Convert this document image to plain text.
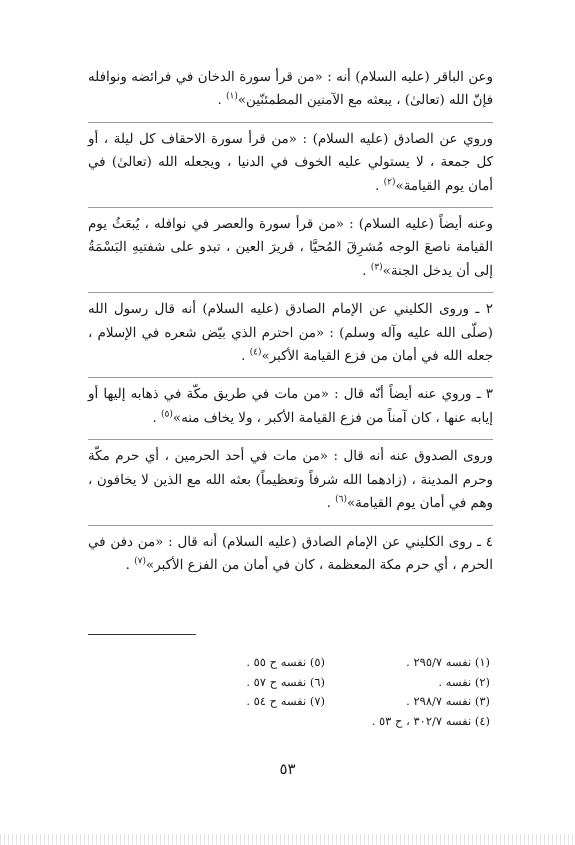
وعن الباقر (عليه السلام) أنه : «من قرأ سورة الدخان في فرائضه ونوافله فإنّ الله (تعالىٰ) ، يبعثه مع الآمنين المطمئنّين»$^{(١)}$ .

وروي عن الصادق (عليه السلام) : «من قرأ سورة الاحقاف كل ليلة ، أو كل جمعة ، لا يستولي عليه الخوف في الدنيا ، ويجعله الله (تعالىٰ) في أمان يوم القيامة»$^{(٢)}$ .

وعنه أيضاً (عليه السلام) : «من قرأ سورة والعصر في نوافله ، يُبعَثُ يوم القيامة ناصعَ الوجه مُشرِقَ المُحيَّا ، قريرَ العين ، تبدو على شفتيهِ البَسْمَةُ إلى أن يدخل الجنة»$^{(٣)}$ .

٢ ـ وروى الكليني عن الإمام الصادق (عليه السلام) أنه قال رسول الله (صلّى الله عليه وآله وسلم) : «من احترم الذي بيّض شعره في الإسلام ، جعله الله في أمان من فزع القيامة الأكبر»$^{(٤)}$ .

٣ ـ وروي عنه أيضاً أنّه قال : «من مات في طريق مكّة في ذهابه إليها أو إيابه عنها ، كان آمناً من فزع القيامة الأكبر ، ولا يخاف منه»$^{(٥)}$ .

وروى الصدوق عنه أنه قال : «من مات في أحد الحرمين ، أي حرم مكّة وحرم المدينة ، (زادهما الله شرفاً وتعظيماً) بعثه الله مع الذين لا يخافون ، وهم في أمان يوم القيامة»$^{(٦)}$ .

٤ ـ روى الكليني عن الإمام الصادق (عليه السلام) أنه قال : «من دفن في الحرم ، أي حرم مكة المعظمة ، كان في أمان من الفزع الأكبر»$^{(٧)}$ .

(١) نفسه ٢٩٥/٧ .
(٢) نفسه .
(٣) نفسه ٢٩٨/٧ .
(٤) نفسه ٣٠٢/٧ ، ح ٥٣ .
(٥) نفسه ح ٥٥ .
(٦) نفسه ح ٥٧ .
(٧) نفسه ح ٥٤ .
٥٣
